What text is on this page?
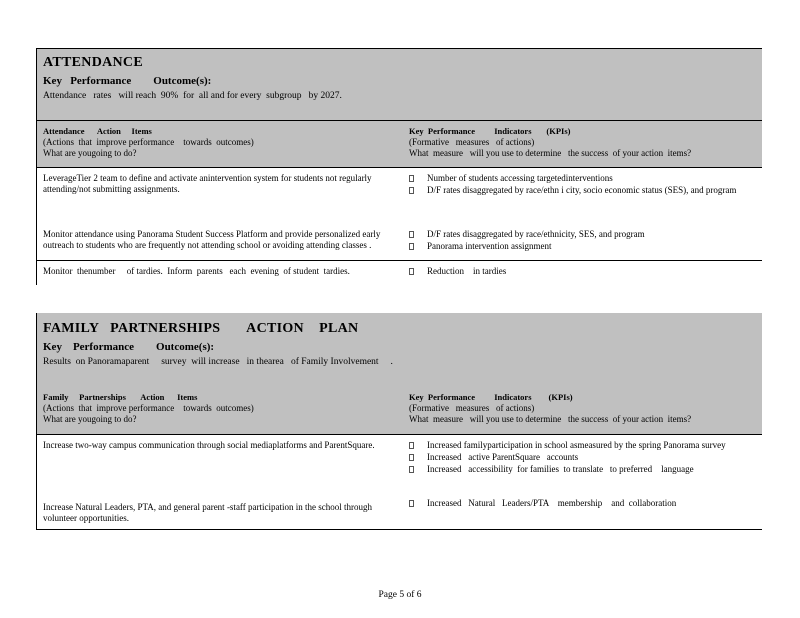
ATTENDANCE
Key   Performance        Outcome(s):
Attendance   rates   will reach  90%  for  all and for every  subgroup   by 2027.
Attendance      Action     Items
(Actions  that  improve performance    towards  outcomes)
What are yougoing to do?
Key  Performance         Indicators       (KPIs)
(Formative   measures   of actions)
What  measure   will you use to determine   the success  of your action  items?
LeverageTier 2 team to define and activate anintervention system for students not regularly attending/not submitting assignments.
Monitor attendance using Panorama Student Success Platform and provide personalized early outreach to students who are frequently not attending school or avoiding attending classes .
Number of students accessing targetedinterventions
D/F rates disaggregated by race/ethn i city, socio economic status (SES), and program
D/F rates disaggregated by race/ethnicity, SES, and program
Panorama intervention assignment
Monitor  thenumber     of tardies.  Inform  parents   each  evening  of student  tardies.	Reduction    in tardies
FAMILY   PARTNERSHIPS       ACTION    PLAN
Key    Performance        Outcome(s):
Results  on Panoramaparent     survey  will increase   in thearea   of Family Involvement     .
Family     Partnerships       Action      Items
(Actions  that  improve performance    towards  outcomes)
What are yougoing to do?
Key  Performance         Indicators        (KPIs)
(Formative   measures   of actions)
What  measure   will you use to determine   the success  of your action  items?
Increase two-way campus communication through social mediaplatforms and ParentSquare.
Increase Natural Leaders, PTA, and general parent -staff participation in the school through volunteer opportunities.
Increased familyparticipation in school asmeasured by the spring Panorama survey
Increased   active ParentSquare   accounts
Increased   accessibility  for families  to translate   to preferred    language
Increased   Natural   Leaders/PTA    membership    and  collaboration
Page 5 of 6
